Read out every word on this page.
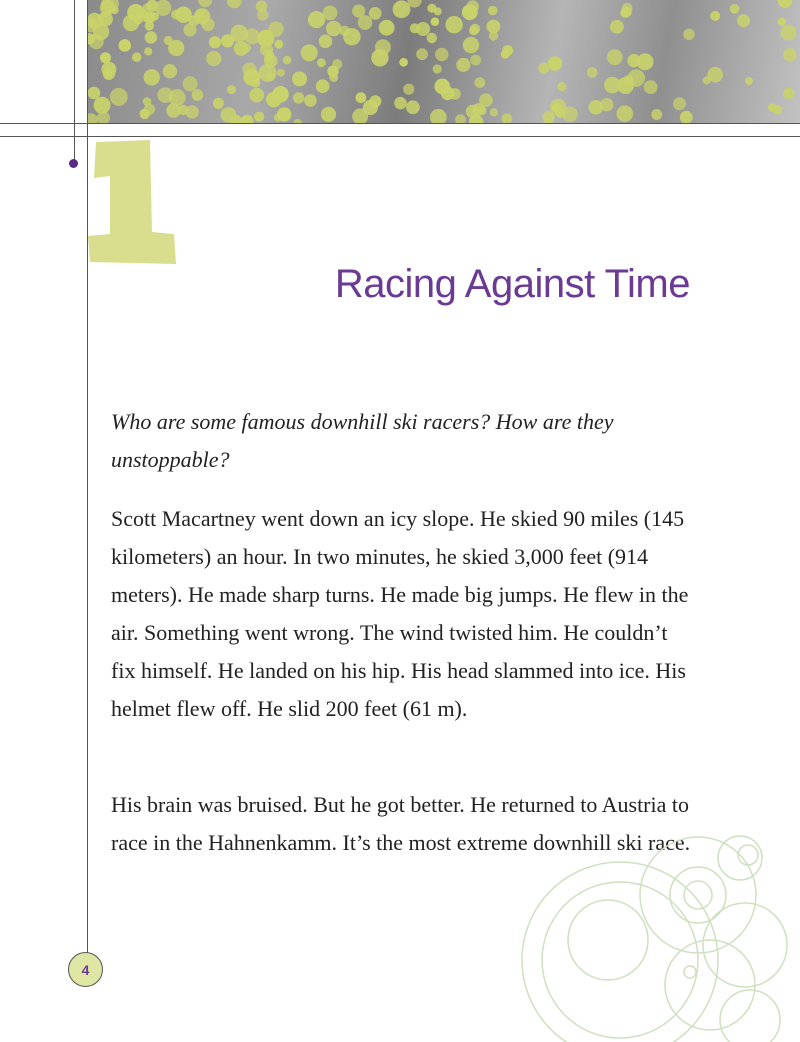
Racing Against Time

Who are some famous downhill ski racers? How are they unstoppable?

Scott Macartney went down an icy slope. He skied 90 miles (145 kilometers) an hour. In two minutes, he skied 3,000 feet (914 meters). He made sharp turns. He made big jumps. He flew in the air. Something went wrong. The wind twisted him. He couldn’t fix himself. He landed on his hip. His head slammed into ice. His helmet flew off. He slid 200 feet (61 m).

His brain was bruised. But he got better. He returned to Austria to race in the Hahnenkamm. It’s the most extreme downhill ski race.

4
